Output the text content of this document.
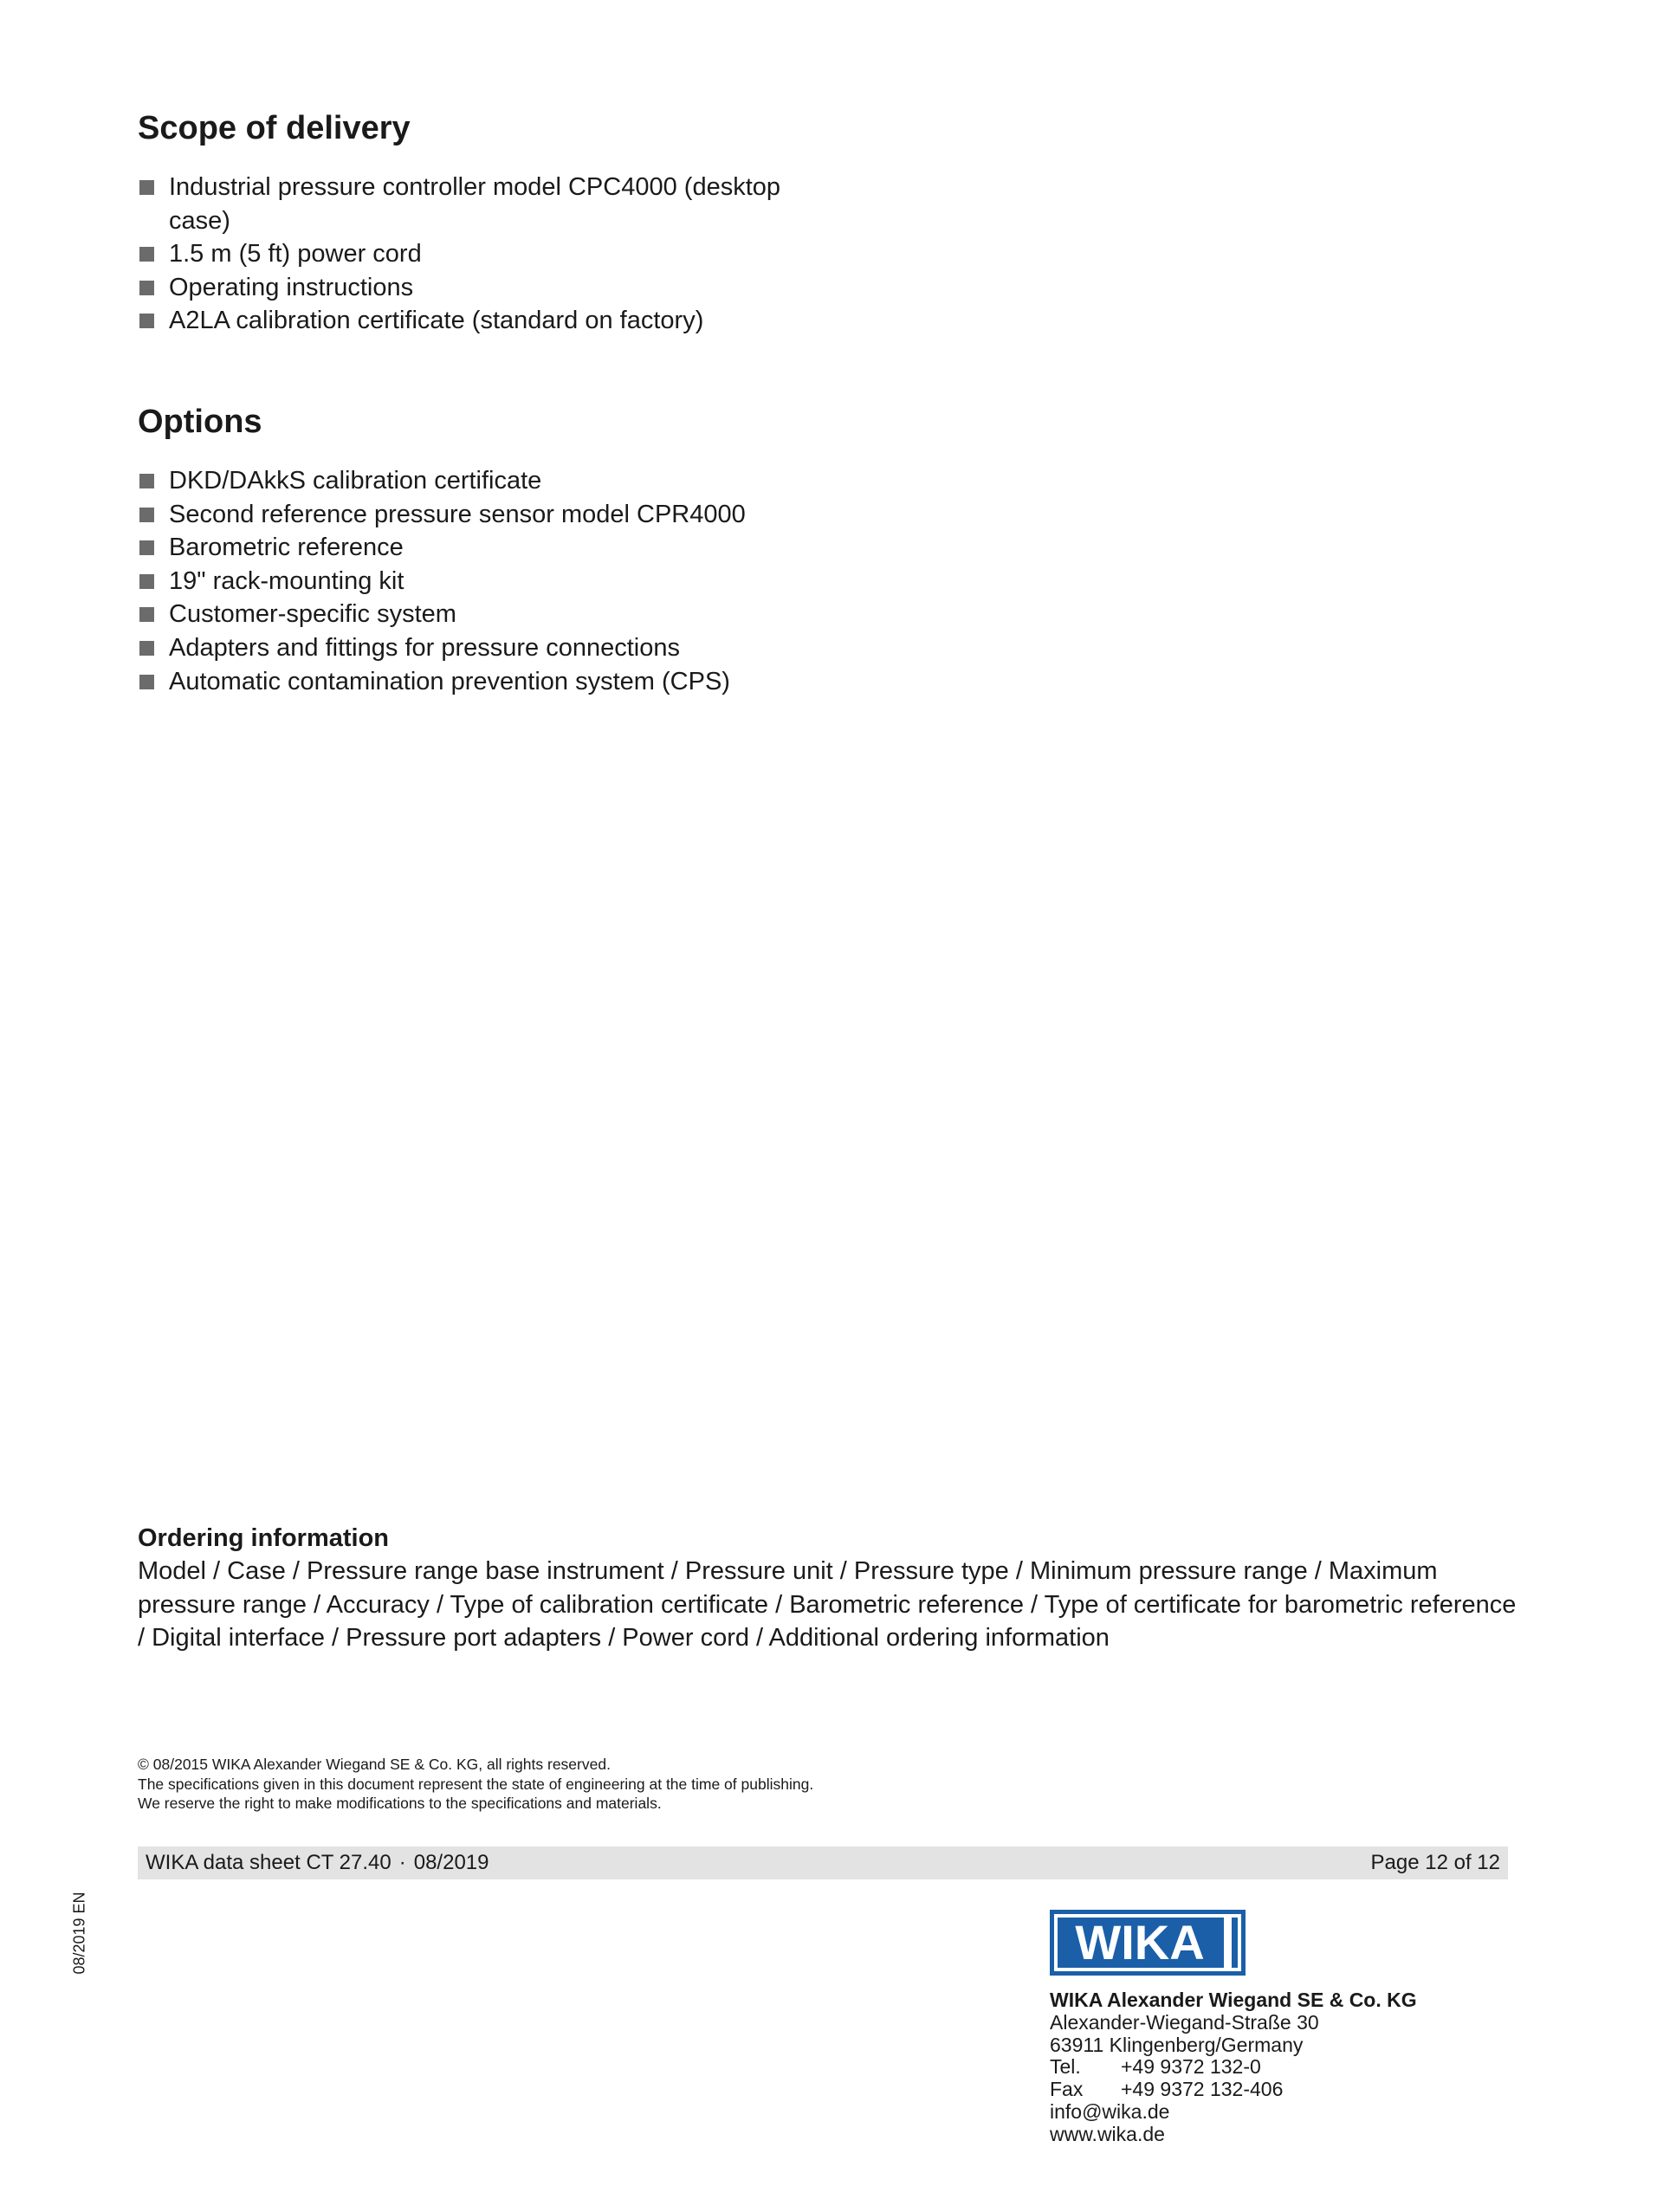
Scope of delivery
Industrial pressure controller model CPC4000 (desktop case)
1.5 m (5 ft) power cord
Operating instructions
A2LA calibration certificate (standard on factory)
Options
DKD/DAkkS calibration certificate
Second reference pressure sensor model CPR4000
Barometric reference
19" rack-mounting kit
Customer-specific system
Adapters and fittings for pressure connections
Automatic contamination prevention system (CPS)
Ordering information

Model / Case / Pressure range base instrument / Pressure unit / Pressure type / Minimum pressure range / Maximum pressure range / Accuracy / Type of calibration certificate / Barometric reference / Type of certificate for barometric reference / Digital interface / Pressure port adapters / Power cord / Additional ordering information

© 08/2015 WIKA Alexander Wiegand SE & Co. KG, all rights reserved.
The specifications given in this document represent the state of engineering at the time of publishing.
We reserve the right to make modifications to the specifications and materials.
WIKA data sheet CT 27.40 · 08/2019	Page 12 of 12
08/2019 EN	WIKA
WIKA Alexander Wiegand SE & Co. KG
Alexander-Wiegand-Straße 30
63911 Klingenberg/Germany
Tel.	+49 9372 132-0
Fax	+49 9372 132-406
info@wika.de
www.wika.de
